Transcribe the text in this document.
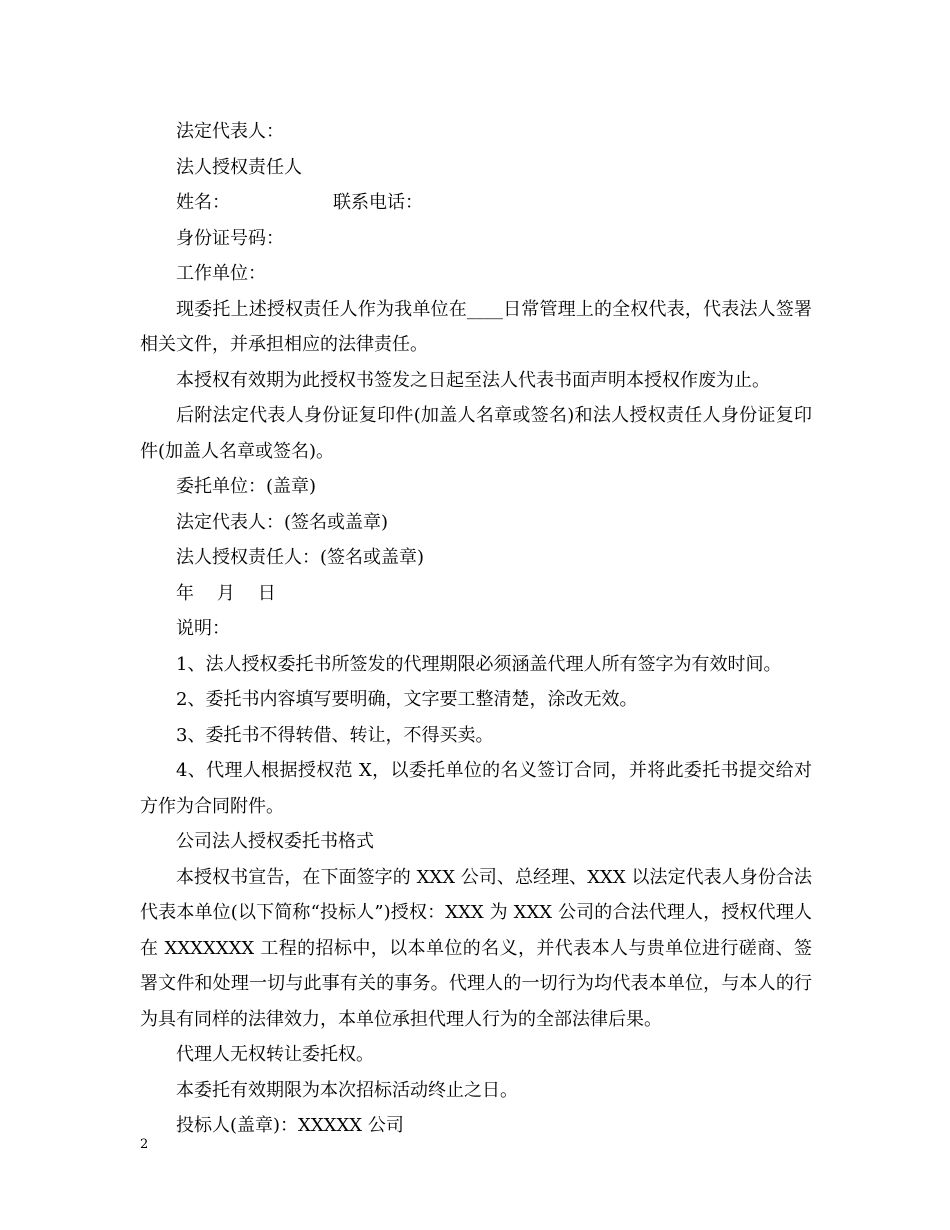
法定代表人：

法人授权责任人

姓名：                  联系电话：

身份证号码：

工作单位：

现委托上述授权责任人作为我单位在____日常管理上的全权代表，代表法人签署相关文件，并承担相应的法律责任。

本授权有效期为此授权书签发之日起至法人代表书面声明本授权作废为止。

后附法定代表人身份证复印件(加盖人名章或签名)和法人授权责任人身份证复印件(加盖人名章或签名)。

委托单位：(盖章)

法定代表人：(签名或盖章)

法人授权责任人：(签名或盖章)

年    月    日

说明：

1、法人授权委托书所签发的代理期限必须涵盖代理人所有签字为有效时间。

2、委托书内容填写要明确，文字要工整清楚，涂改无效。

3、委托书不得转借、转让，不得买卖。

4、代理人根据授权范 X，以委托单位的名义签订合同，并将此委托书提交给对方作为合同附件。

公司法人授权委托书格式

本授权书宣告，在下面签字的 XXX 公司、总经理、XXX 以法定代表人身份合法代表本单位(以下简称“投标人”)授权：XXX 为 XXX 公司的合法代理人，授权代理人在 XXXXXXX 工程的招标中，以本单位的名义，并代表本人与贵单位进行磋商、签署文件和处理一切与此事有关的事务。代理人的一切行为均代表本单位，与本人的行为具有同样的法律效力，本单位承担代理人行为的全部法律后果。

代理人无权转让委托权。

本委托有效期限为本次招标活动终止之日。

投标人(盖章)：XXXXX 公司

2
